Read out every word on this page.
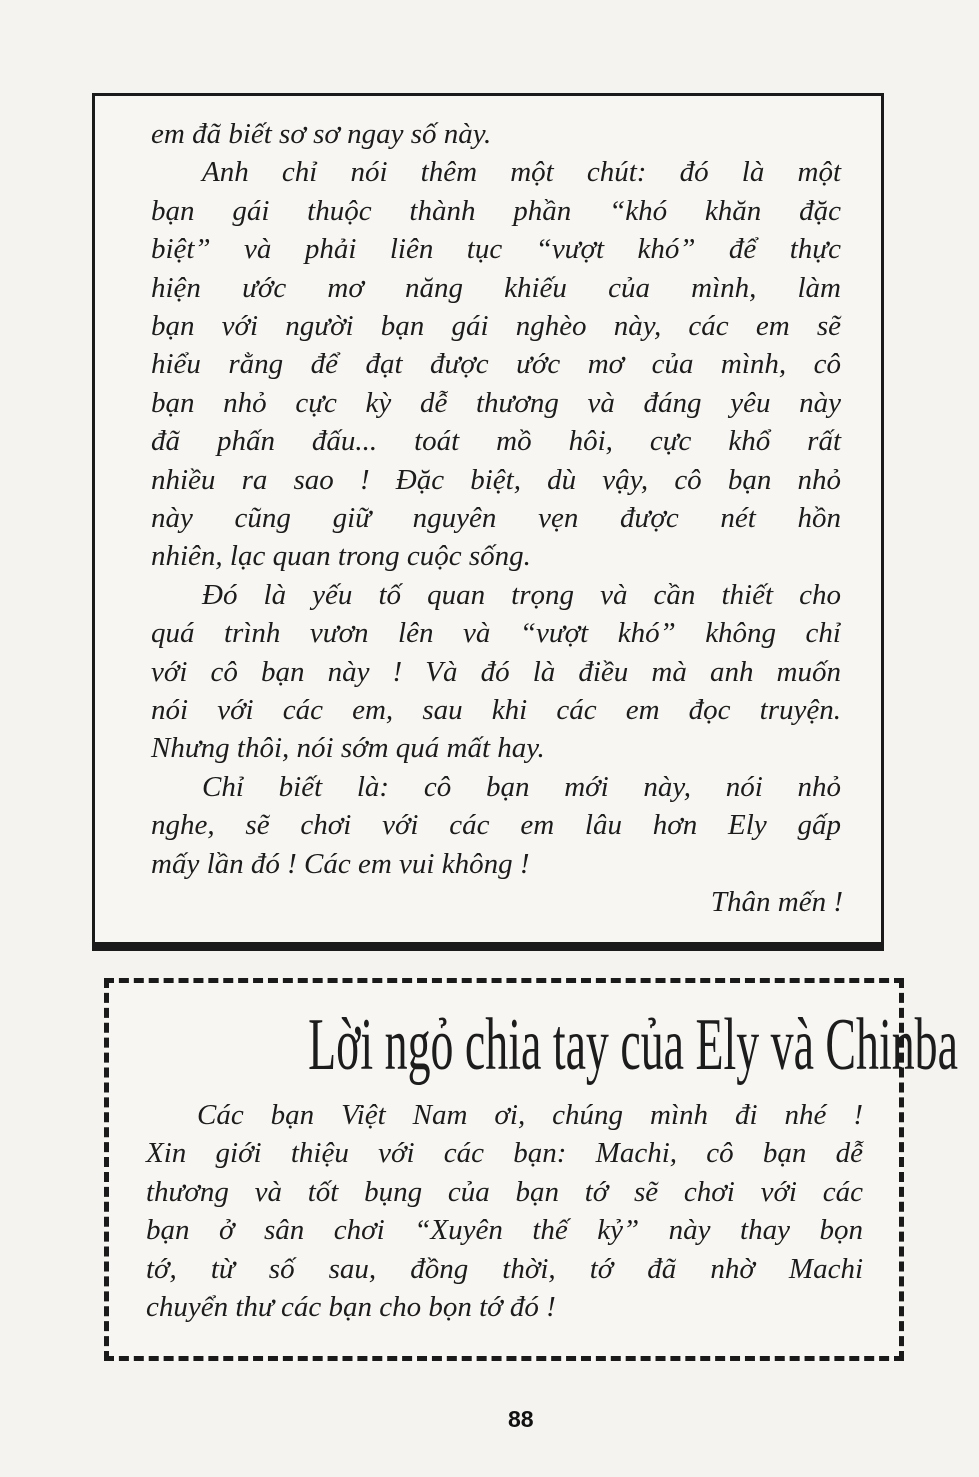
em đã biết sơ sơ ngay số này.
Anh chỉ nói thêm một chút: đó là một
bạn gái thuộc thành phần “khó khăn đặc
biệt” và phải liên tục “vượt khó” để thực
hiện ước mơ năng khiếu của mình, làm
bạn với người bạn gái nghèo này, các em sẽ
hiểu rằng để đạt được ước mơ của mình, cô
bạn nhỏ cực kỳ dễ thương và đáng yêu này
đã phấn đấu... toát mồ hôi, cực khổ rất
nhiều ra sao ! Đặc biệt, dù vậy, cô bạn nhỏ
này cũng giữ nguyên vẹn được nét hồn
nhiên, lạc quan trong cuộc sống.
Đó là yếu tố quan trọng và cần thiết cho
quá trình vươn lên và “vượt khó” không chỉ
với cô bạn này ! Và đó là điều mà anh muốn
nói với các em, sau khi các em đọc truyện.
Nhưng thôi, nói sớm quá mất hay.
Chỉ biết là: cô bạn mới này, nói nhỏ
nghe, sẽ chơi với các em lâu hơn Ely gấp
mấy lần đó ! Các em vui không !
Thân mến !
Lời ngỏ chia tay của Ely và Chinba
Các bạn Việt Nam ơi, chúng mình đi nhé !
Xin giới thiệu với các bạn: Machi, cô bạn dễ
thương và tốt bụng của bạn tớ sẽ chơi với các
bạn ở sân chơi “Xuyên thế kỷ” này thay bọn
tớ, từ số sau, đồng thời, tớ đã nhờ Machi
chuyển thư các bạn cho bọn tớ đó !
88
